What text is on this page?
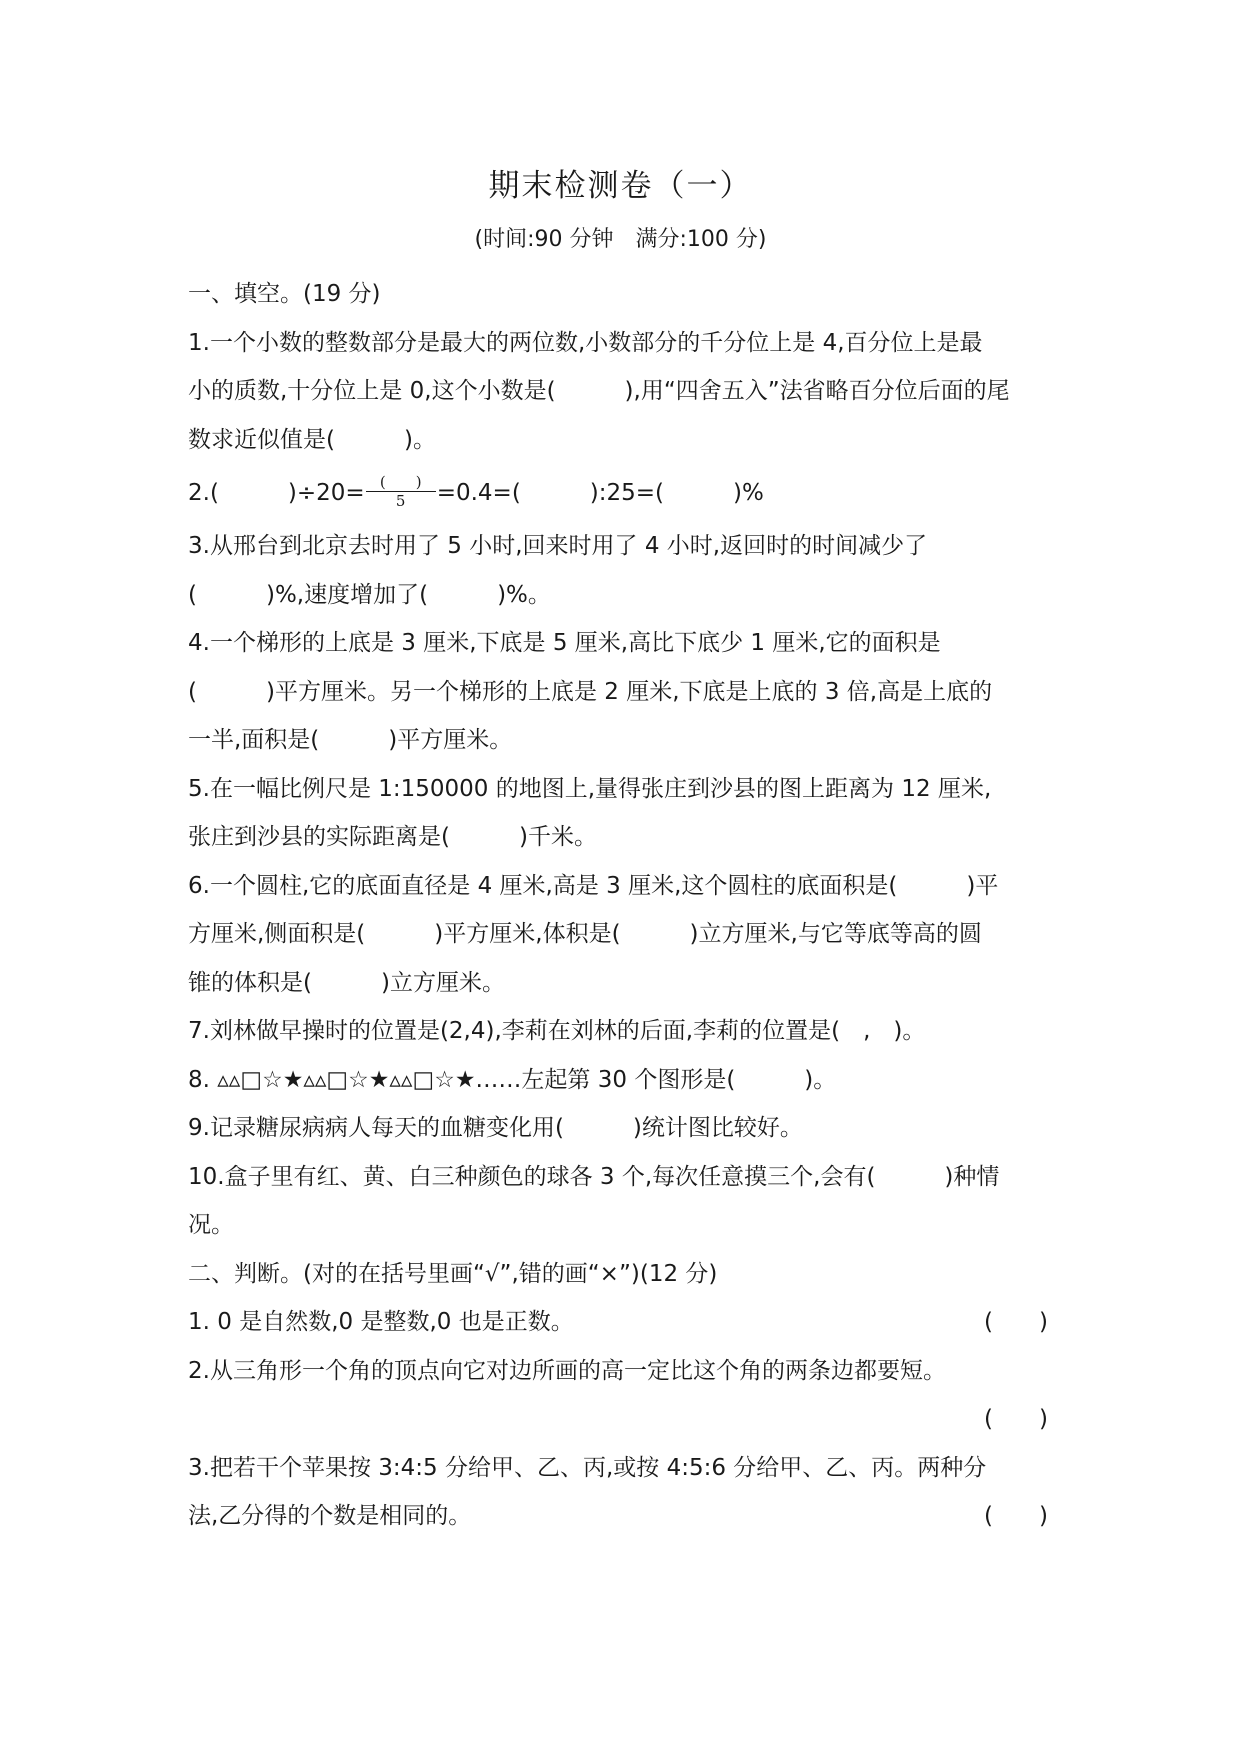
期末检测卷（一）
(时间:90 分钟　满分:100 分)
一、填空。(19 分)
1.一个小数的整数部分是最大的两位数,小数部分的千分位上是 4,百分位上是最
小的质数,十分位上是 0,这个小数是(　　　),用“四舍五入”法省略百分位后面的尾
数求近似值是(　　　)。
2.(　　　)$\div 20= \frac{( )}{5} =0.4=$(　　　):25=(　　　)%
3.从邢台到北京去时用了 5 小时,回来时用了 4 小时,返回时的时间减少了
(　　　)%,速度增加了(　　　)%。
4.一个梯形的上底是 3 厘米,下底是 5 厘米,高比下底少 1 厘米,它的面积是
(　　　)平方厘米。另一个梯形的上底是 2 厘米,下底是上底的 3 倍,高是上底的
一半,面积是(　　　)平方厘米。
5.在一幅比例尺是 1:150000 的地图上,量得张庄到沙县的图上距离为 12 厘米,
张庄到沙县的实际距离是(　　　)千米。
6.一个圆柱,它的底面直径是 4 厘米,高是 3 厘米,这个圆柱的底面积是(　　　)平
方厘米,侧面积是(　　　)平方厘米,体积是(　　　)立方厘米,与它等底等高的圆
锥的体积是(　　　)立方厘米。
7.刘林做早操时的位置是(2,4),李莉在刘林的后面,李莉的位置是(　,　)。
8. ▵▵□☆★▵▵□☆★▵▵□☆★……左起第 30 个图形是(　　　)。
9.记录糖尿病病人每天的血糖变化用(　　　)统计图比较好。
10.盒子里有红、黄、白三种颜色的球各 3 个,每次任意摸三个,会有(　　　)种情
况。
二、判断。(对的在括号里画“√”,错的画“×”)(12 分)
1. 0 是自然数,0 是整数,0 也是正数。	(　　)
2.从三角形一个角的顶点向它对边所画的高一定比这个角的两条边都要短。
(　　)
3.把若干个苹果按 3:4:5 分给甲、乙、丙,或按 4:5:6 分给甲、乙、丙。两种分
法,乙分得的个数是相同的。	(　　)
